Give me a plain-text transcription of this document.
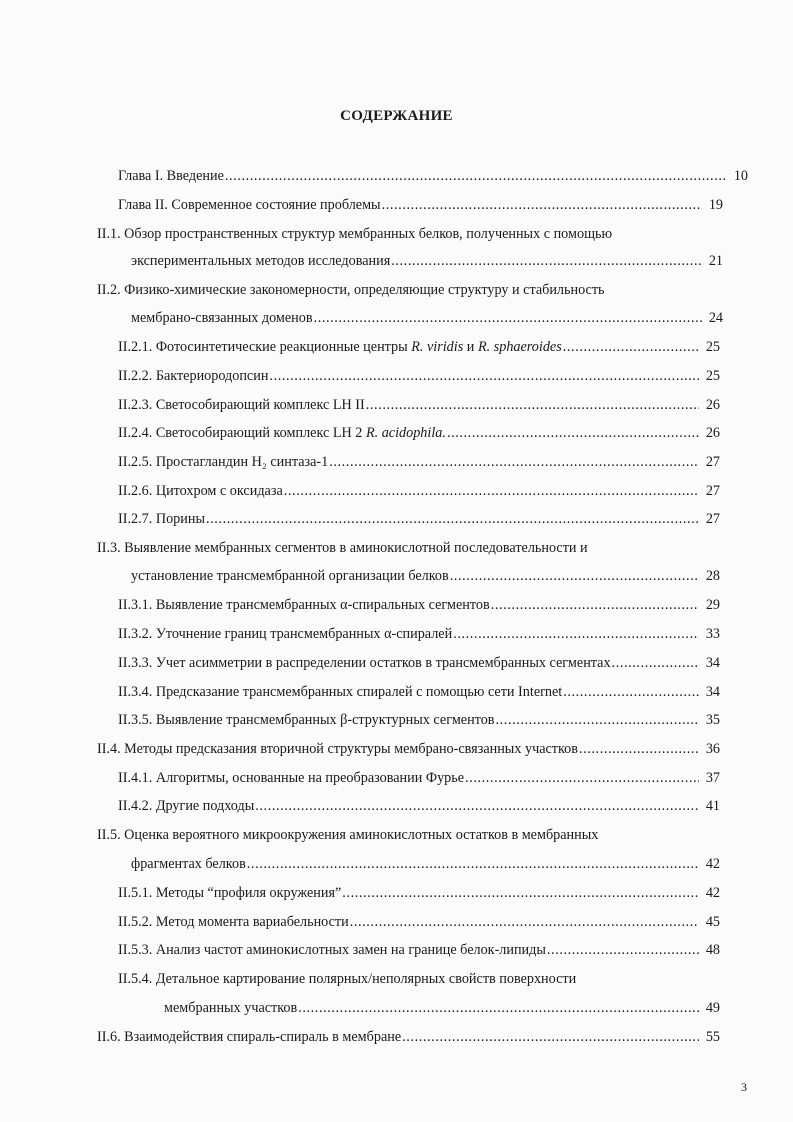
СОДЕРЖАНИЕ
Глава I. Введение .....	10
Глава II. Современное состояние проблемы .....	19
II.1. Обзор пространственных структур мембранных белков, полученных с помощью
экспериментальных методов исследования .....	21
II.2. Физико-химические закономерности, определяющие структуру и стабильность
мембрано-связанных доменов .....	24
II.2.1. Фотосинтетические реакционные центры R. viridis и R. sphaeroides .....	25
II.2.2. Бактериородопсин .....	25
II.2.3. Светособирающий комплекс LH II .....	26
II.2.4. Светособирающий комплекс LH 2 R. acidophila. .....	26
II.2.5. Простагландин H₂ синтаза-1 .....	27
II.2.6. Цитохром с оксидаза .....	27
II.2.7. Порины .....	27
II.3. Выявление мембранных сегментов в аминокислотной последовательности и
установление трансмембранной организации белков .....	28
II.3.1. Выявление трансмембранных α-спиральных сегментов .....	29
II.3.2. Уточнение границ трансмембранных α-спиралей .....	33
II.3.3. Учет асимметрии в распределении остатков в трансмембранных сегментах .....	34
II.3.4. Предсказание трансмембранных спиралей с помощью сети Internet .....	34
II.3.5. Выявление трансмембранных β-структурных сегментов .....	35
II.4. Методы предсказания вторичной структуры мембрано-связанных участков .....	36
II.4.1. Алгоритмы, основанные на преобразовании Фурье .....	37
II.4.2. Другие подходы .....	41
II.5. Оценка вероятного микроокружения аминокислотных остатков в мембранных
фрагментах белков .....	42
II.5.1. Методы “профиля окружения” .....	42
II.5.2. Метод момента вариабельности .....	45
II.5.3. Анализ частот аминокислотных замен на границе белок-липиды .....	48
II.5.4. Детальное картирование полярных/неполярных свойств поверхности
мембранных участков .....	49
II.6. Взаимодействия спираль-спираль в мембране .....	55
3
